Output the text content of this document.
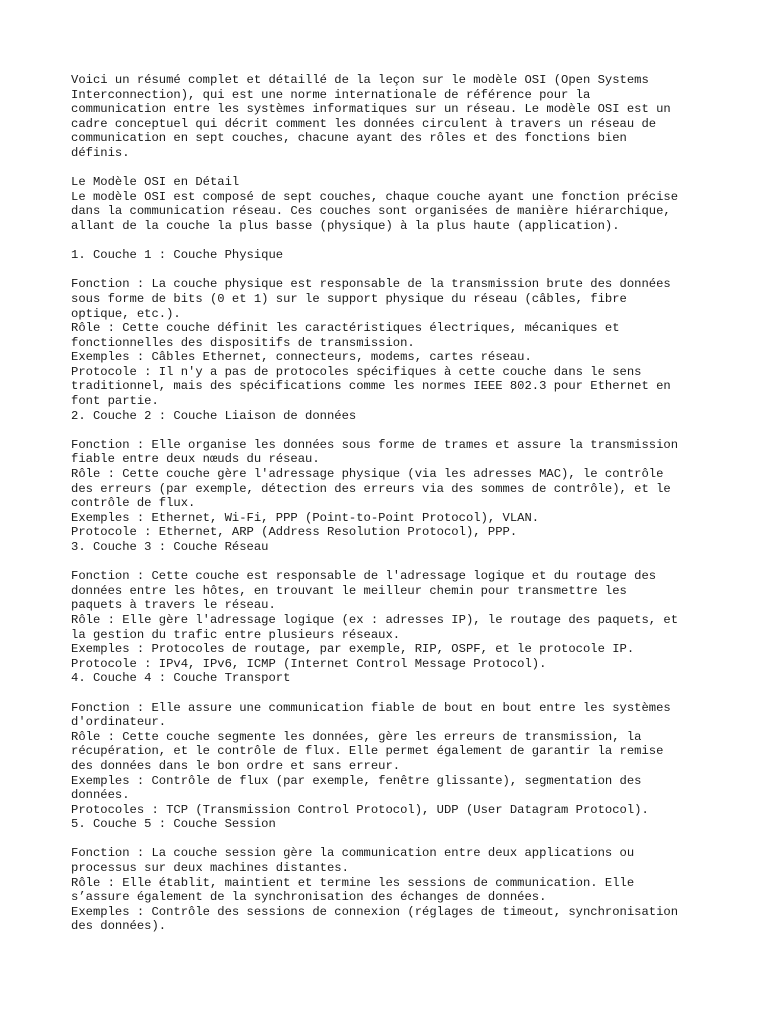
Voici un résumé complet et détaillé de la leçon sur le modèle OSI (Open Systems
Interconnection), qui est une norme internationale de référence pour la
communication entre les systèmes informatiques sur un réseau. Le modèle OSI est un
cadre conceptuel qui décrit comment les données circulent à travers un réseau de
communication en sept couches, chacune ayant des rôles et des fonctions bien
définis.
Le Modèle OSI en Détail
Le modèle OSI est composé de sept couches, chaque couche ayant une fonction précise
dans la communication réseau. Ces couches sont organisées de manière hiérarchique,
allant de la couche la plus basse (physique) à la plus haute (application).
1. Couche 1 : Couche Physique
Fonction : La couche physique est responsable de la transmission brute des données
sous forme de bits (0 et 1) sur le support physique du réseau (câbles, fibre
optique, etc.).
Rôle : Cette couche définit les caractéristiques électriques, mécaniques et
fonctionnelles des dispositifs de transmission.
Exemples : Câbles Ethernet, connecteurs, modems, cartes réseau.
Protocole : Il n'y a pas de protocoles spécifiques à cette couche dans le sens
traditionnel, mais des spécifications comme les normes IEEE 802.3 pour Ethernet en
font partie.
2. Couche 2 : Couche Liaison de données
Fonction : Elle organise les données sous forme de trames et assure la transmission
fiable entre deux nœuds du réseau.
Rôle : Cette couche gère l'adressage physique (via les adresses MAC), le contrôle
des erreurs (par exemple, détection des erreurs via des sommes de contrôle), et le
contrôle de flux.
Exemples : Ethernet, Wi-Fi, PPP (Point-to-Point Protocol), VLAN.
Protocole : Ethernet, ARP (Address Resolution Protocol), PPP.
3. Couche 3 : Couche Réseau
Fonction : Cette couche est responsable de l'adressage logique et du routage des
données entre les hôtes, en trouvant le meilleur chemin pour transmettre les
paquets à travers le réseau.
Rôle : Elle gère l'adressage logique (ex : adresses IP), le routage des paquets, et
la gestion du trafic entre plusieurs réseaux.
Exemples : Protocoles de routage, par exemple, RIP, OSPF, et le protocole IP.
Protocole : IPv4, IPv6, ICMP (Internet Control Message Protocol).
4. Couche 4 : Couche Transport
Fonction : Elle assure une communication fiable de bout en bout entre les systèmes
d'ordinateur.
Rôle : Cette couche segmente les données, gère les erreurs de transmission, la
récupération, et le contrôle de flux. Elle permet également de garantir la remise
des données dans le bon ordre et sans erreur.
Exemples : Contrôle de flux (par exemple, fenêtre glissante), segmentation des
données.
Protocoles : TCP (Transmission Control Protocol), UDP (User Datagram Protocol).
5. Couche 5 : Couche Session
Fonction : La couche session gère la communication entre deux applications ou
processus sur deux machines distantes.
Rôle : Elle établit, maintient et termine les sessions de communication. Elle
s’assure également de la synchronisation des échanges de données.
Exemples : Contrôle des sessions de connexion (réglages de timeout, synchronisation
des données).
